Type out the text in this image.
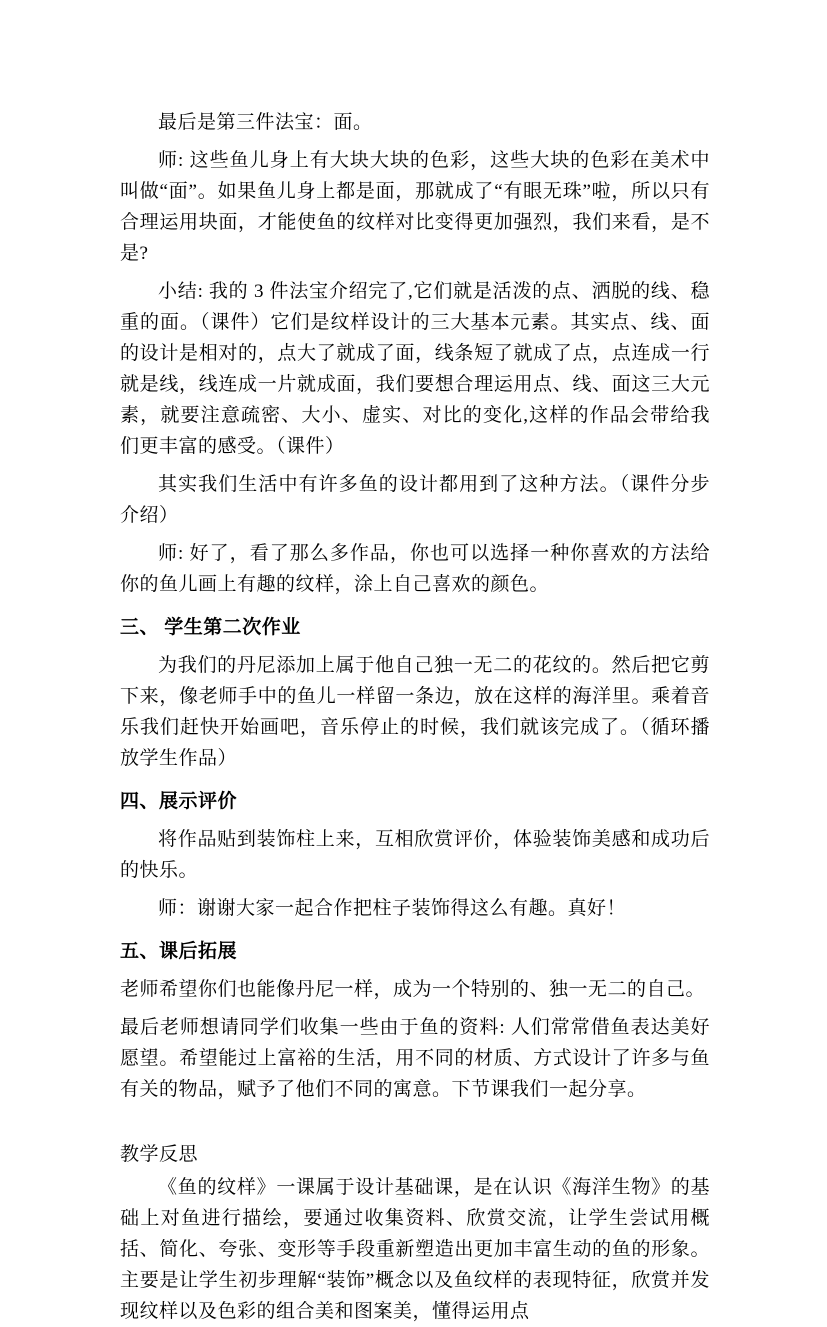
最后是第三件法宝：面。

师: 这些鱼儿身上有大块大块的色彩，这些大块的色彩在美术中叫做“面”。如果鱼儿身上都是面，那就成了“有眼无珠”啦，所以只有合理运用块面，才能使鱼的纹样对比变得更加强烈，我们来看，是不是?

小结: 我的 3 件法宝介绍完了,它们就是活泼的点、洒脱的线、稳重的面。（课件）它们是纹样设计的三大基本元素。其实点、线、面的设计是相对的，点大了就成了面，线条短了就成了点，点连成一行就是线，线连成一片就成面，我们要想合理运用点、线、面这三大元素，就要注意疏密、大小、虚实、对比的变化,这样的作品会带给我们更丰富的感受。（课件）

其实我们生活中有许多鱼的设计都用到了这种方法。（课件分步介绍）

师: 好了，看了那么多作品，你也可以选择一种你喜欢的方法给你的鱼儿画上有趣的纹样，涂上自己喜欢的颜色。

三、 学生第二次作业

为我们的丹尼添加上属于他自己独一无二的花纹的。然后把它剪下来，像老师手中的鱼儿一样留一条边，放在这样的海洋里。乘着音乐我们赶快开始画吧，音乐停止的时候，我们就该完成了。（循环播放学生作品）

四、展示评价

将作品贴到装饰柱上来，互相欣赏评价，体验装饰美感和成功后的快乐。

师：谢谢大家一起合作把柱子装饰得这么有趣。真好！

五、课后拓展

老师希望你们也能像丹尼一样，成为一个特别的、独一无二的自己。

最后老师想请同学们收集一些由于鱼的资料: 人们常常借鱼表达美好愿望。希望能过上富裕的生活，用不同的材质、方式设计了许多与鱼有关的物品，赋予了他们不同的寓意。下节课我们一起分享。

教学反思

《鱼的纹样》一课属于设计基础课，是在认识《海洋生物》的基础上对鱼进行描绘，要通过收集资料、欣赏交流，让学生尝试用概括、简化、夸张、变形等手段重新塑造出更加丰富生动的鱼的形象。主要是让学生初步理解“装饰”概念以及鱼纹样的表现特征，欣赏并发现纹样以及色彩的组合美和图案美，懂得运用点
